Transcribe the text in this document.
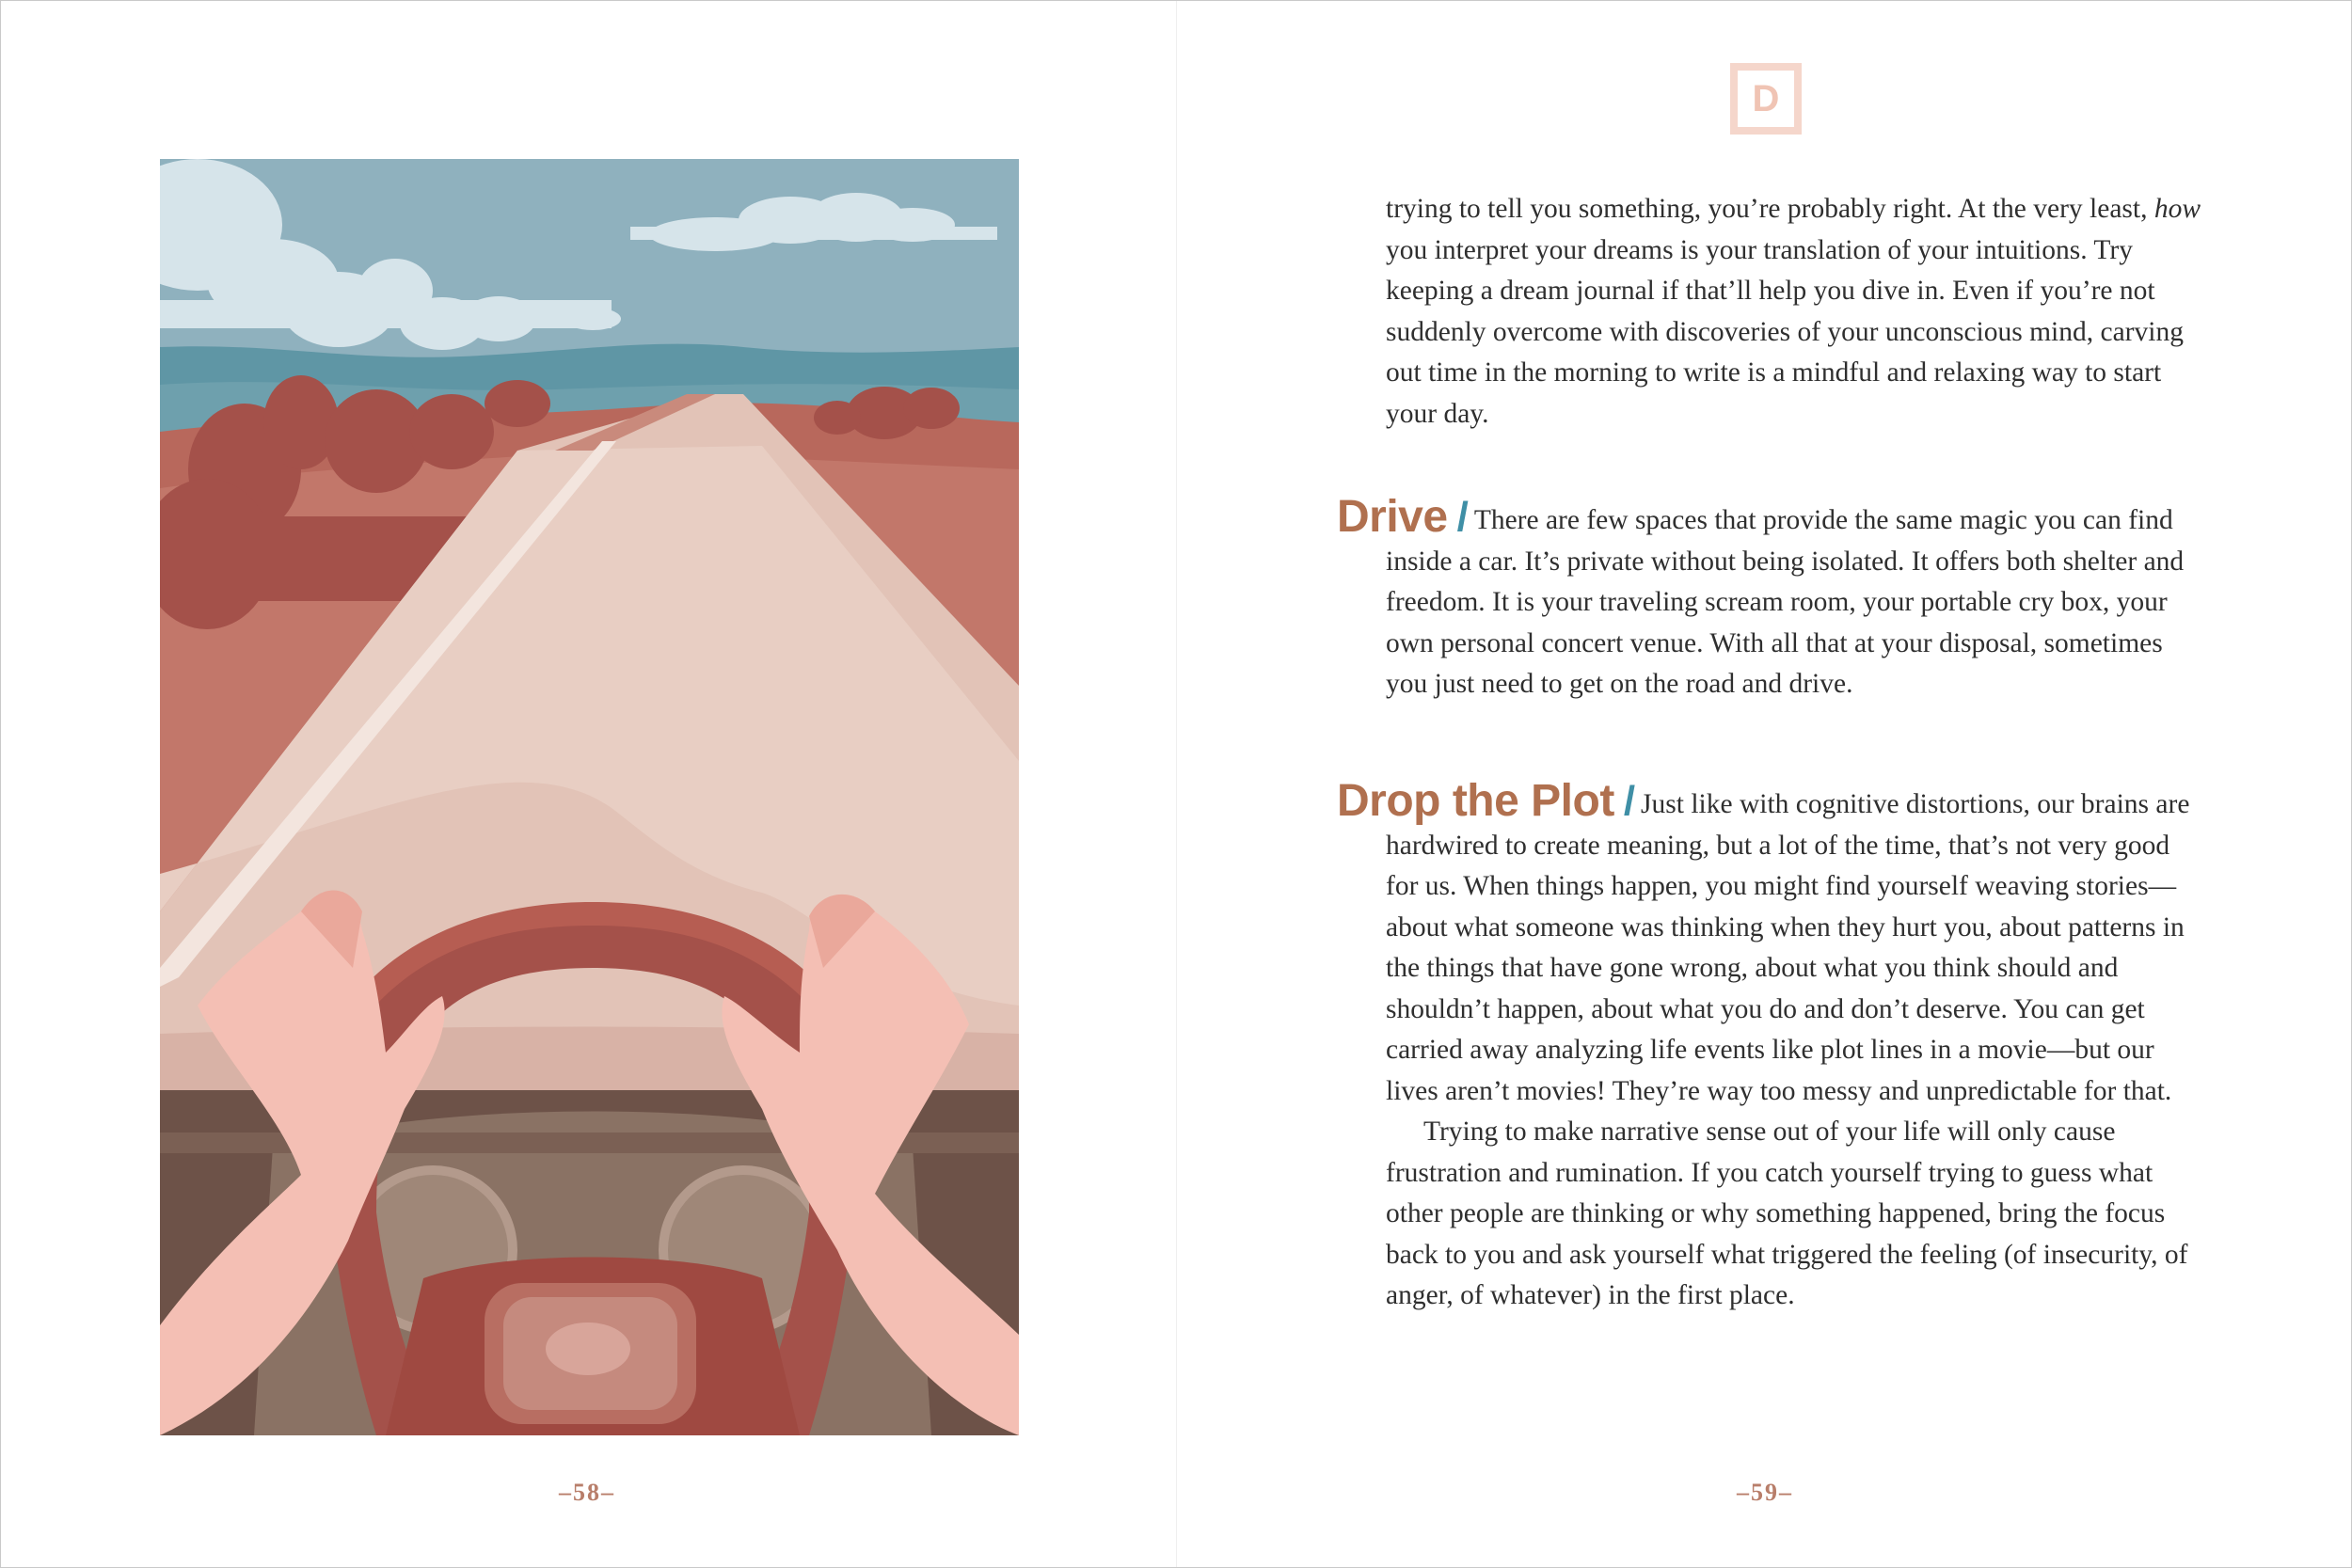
–58–
D

trying to tell you something, you’re probably right. At the very least, how you interpret your dreams is your translation of your intuitions. Try keeping a dream journal if that’ll help you dive in. Even if you’re not suddenly overcome with discoveries of your unconscious mind, carving out time in the morning to write is a mindful and relaxing way to start your day.

Drive / There are few spaces that provide the same magic you can find inside a car. It’s private without being isolated. It offers both shelter and freedom. It is your traveling scream room, your portable cry box, your own personal concert venue. With all that at your disposal, sometimes you just need to get on the road and drive.

Drop the Plot / Just like with cognitive distortions, our brains are hardwired to create meaning, but a lot of the time, that’s not very good for us. When things happen, you might find yourself weaving stories—about what someone was thinking when they hurt you, about patterns in the things that have gone wrong, about what you think should and shouldn’t happen, about what you do and don’t deserve. You can get carried away analyzing life events like plot lines in a movie—but our lives aren’t movies! They’re way too messy and unpredictable for that.

Trying to make narrative sense out of your life will only cause frustration and rumination. If you catch yourself trying to guess what other people are thinking or why something happened, bring the focus back to you and ask yourself what triggered the feeling (of insecurity, of anger, of whatever) in the first place.

–59–
